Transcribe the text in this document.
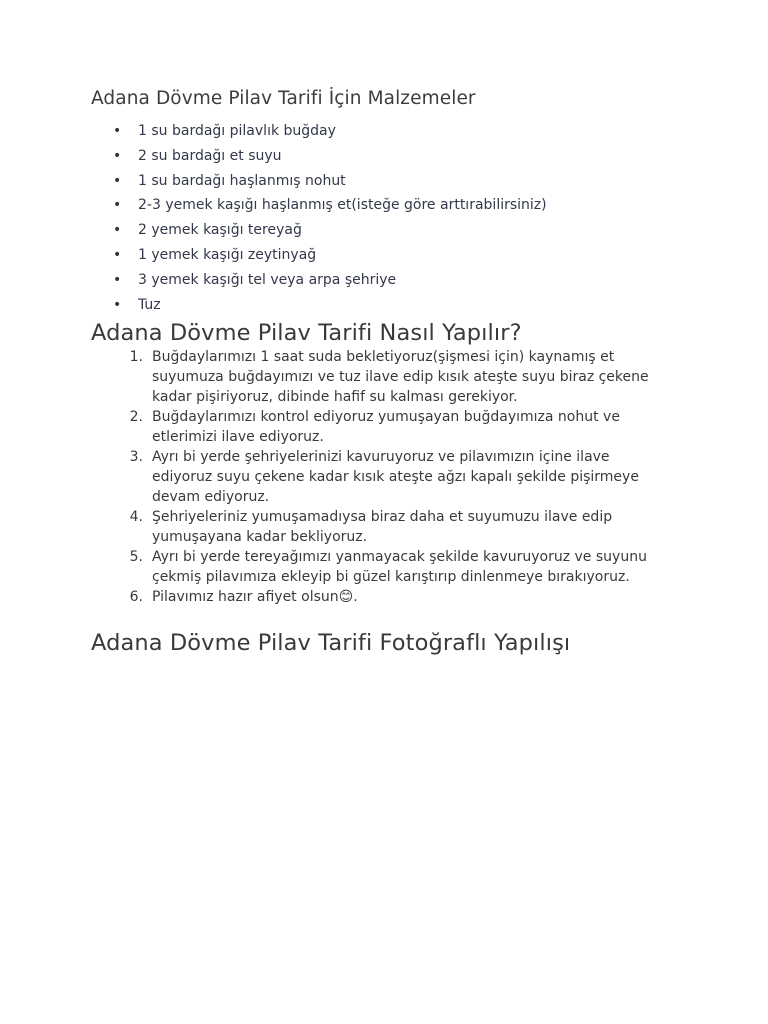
Adana Dövme Pilav Tarifi İçin Malzemeler
• 1 su bardağı pilavlık buğday
• 2 su bardağı et suyu
• 1 su bardağı haşlanmış nohut
• 2-3 yemek kaşığı haşlanmış et(isteğe göre arttırabilirsiniz)
• 2 yemek kaşığı tereyağ
• 1 yemek kaşığı zeytinyağ
• 3 yemek kaşığı tel veya arpa şehriye
• Tuz
Adana Dövme Pilav Tarifi Nasıl Yapılır?
1. Buğdaylarımızı 1 saat suda bekletiyoruz(şişmesi için) kaynamış et suyumuza buğdayımızı ve tuz ilave edip kısık ateşte suyu biraz çekene kadar pişiriyoruz, dibinde hafif su kalması gerekiyor.
2. Buğdaylarımızı kontrol ediyoruz yumuşayan buğdayımıza nohut ve etlerimizi ilave ediyoruz.
3. Ayrı bi yerde şehriyelerinizi kavuruyoruz ve pilavımızın içine ilave ediyoruz suyu çekene kadar kısık ateşte ağzı kapalı şekilde pişirmeye devam ediyoruz.
4. Şehriyeleriniz yumuşamadıysa biraz daha et suyumuzu ilave edip yumuşayana kadar bekliyoruz.
5. Ayrı bi yerde tereyağımızı yanmayacak şekilde kavuruyoruz ve suyunu çekmiş pilavımıza ekleyip bi güzel karıştırıp dinlenmeye bırakıyoruz.
6. Pilavımız hazır afiyet olsun😊.
Adana Dövme Pilav Tarifi Fotoğraflı Yapılışı
